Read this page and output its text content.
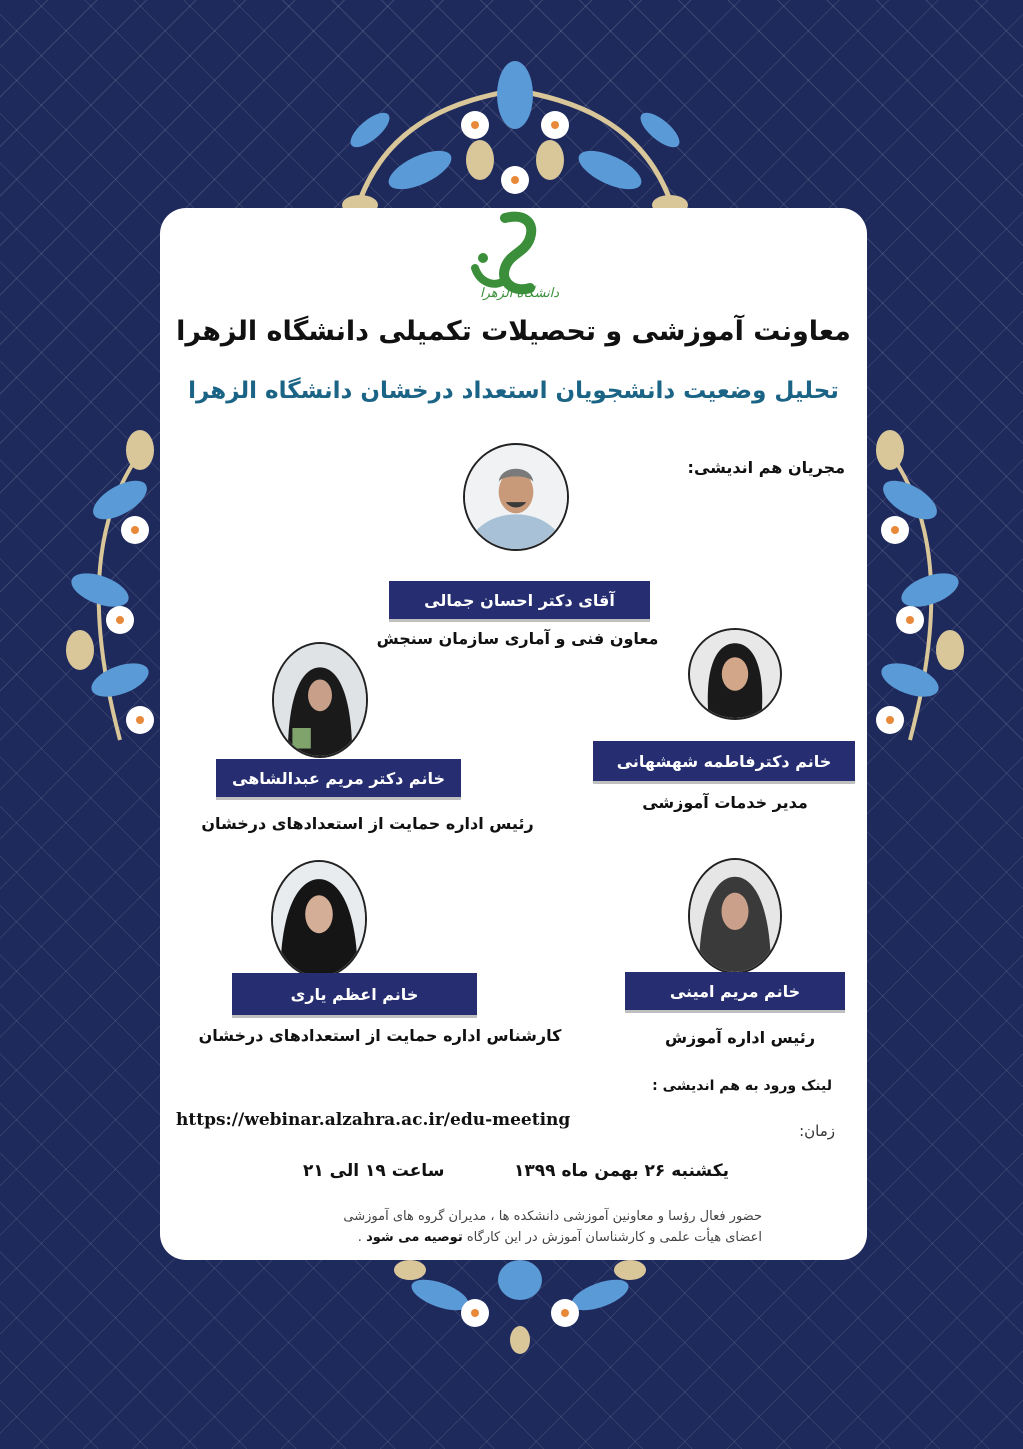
دانشگاه الزهرا
معاونت آموزشی و تحصیلات تکمیلی دانشگاه الزهرا
تحلیل وضعیت دانشجویان استعداد درخشان دانشگاه الزهرا
مجریان هم اندیشی:
آقای دکتر احسان جمالی
معاون فنی و آماری سازمان سنجش
خانم دکترفاطمه شهشهانی
مدیر خدمات آموزشی
خانم دکتر مریم عبدالشاهی
رئیس اداره حمایت از استعدادهای درخشان
خانم مریم امینی
رئیس اداره آموزش
خانم اعظم یاری
کارشناس اداره حمایت از استعدادهای درخشان
لینک ورود به هم اندیشی :
https://webinar.alzahra.ac.ir/edu-meeting
زمان:
یکشنبه ۲۶ بهمن ماه ۱۳۹۹
ساعت ۱۹ الی ۲۱
حضور فعال رؤسا و معاونین آموزشی دانشکده ها ، مدیران گروه های آموزشی
اعضای هیأت علمی و کارشناسان آموزش در این کارگاه توصیه می شود .
